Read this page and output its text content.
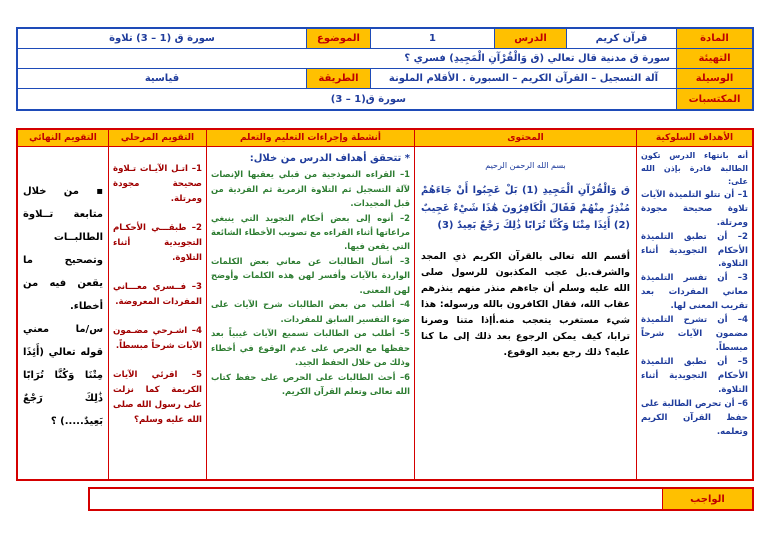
المادة
قرآن كريم
الدرس
1
الموضوع
سورة ق (1 – 3) تلاوة
التهيئة
سورة ق مدنية قال تعالي (ق وَالْقُرْآنِ الْمَجِيدِ) فسري ؟
الوسيلة
آلة التسجيل – القرآن الكريم – السبورة . الأقلام الملونة
الطريقة
قياسية
المكتسبات
سورة ق(1 – 3)
الأهداف السلوكية

أنه بانتهاء الدرس تكون الطالبة قادرة بإذن الله على:

1– أن تتلو التلميذة الآيات تلاوة صحيحة مجودة ومرتلة.

2– أن تطبق التلميذة الأحكام التجويدية أثناء التلاوة.

3– أن تفسر التلميذة معاني المفردات بعد تقريب المعنى لها.

4– أن تشرح التلميذة مضمون الآيات شرحاً مبسطاً.

5– أن تطبق التلميذة الأحكام التجويدية أثناء التلاوة.

6– أن تحرص الطالبة على حفظ القرآن الكريم وتعلمه.

المحتوى

بسم الله الرحمن الرحيم

ق وَالْقُرْآنِ الْمَجِيدِ (1) بَلْ عَجِبُوا أَنْ جَاءَهُمْ مُنْذِرٌ مِنْهُمْ فَقَالَ الْكَافِرُونَ هَٰذَا شَيْءٌ عَجِيبٌ (2) أَئِذَا مِتْنَا وَكُنَّا تُرَابًا ذَٰلِكَ رَجْعٌ بَعِيدٌ (3)

أقسم الله تعالى بالقرآن الكريم ذي المجد والشرف.بل عجب المكذبون للرسول صلى الله عليه وسلم أن جاءهم منذر منهم ينذرهم عقاب الله، فقال الكافرون بالله ورسوله: هذا شيء مستغرب يتعجب منه.أإذا متنا وصرنا ترابا، كيف يمكن الرجوع بعد ذلك إلى ما كنا عليه؟ ذلك رجع بعيد الوقوع.

أنشطة وإجراءات التعليم والتعلم

* تتحقق أهداف الدرس من خلال:

1– القراءه النموذجية من قبلي يعقبها الإنصات لآلة التسجيل ثم التلاوة الزمرية ثم الفردية من قبل المجيدات.

2– أنوه إلى بعض أحكام التجويد التي ينبغي مراعاتها أثناء القراءه مع تصويب الأخطاء الشائعة التي يقعن فيها.

3– أسأل الطالبات عن معاني بعض الكلمات الواردة بالآيات وأفسر لهن هذه الكلمات وأوضح لهن المعنى.

4– أطلب من بعض الطالبات شرح الآيات على ضوء التفسير السابق للمفردات.

5– أطلب من الطالبات تسميع الآيات غيبياً بعد حفظها مع الحرص على عدم الوقوع في أخطاء وذلك من خلال الحفظ الجيد.

6– أحث الطالبات على الحرص على حفظ كتاب الله تعالى وتعلم القرآن الكريم.

التقويم المرحلي

1– اتـل الآيـات تـلاوة صحيحة مجودة ومرتلة.

2– طبقـــي الأحكـام التجويدية أثناء التلاوة.

3– فــسري معـــاني المفردات المعروضة.

4– اشـرحي مضـمون الآيات شرحاً مبسطاً.

5– اقرئي الآيات الكريمة كما نزلت على رسول الله صلى الله عليه وسلم؟

التقويم النهائي

▪ من خلال متابعة تــلاوة الطالبــات وتصحيح ما يقعن فيه من أخطاء.

س/ما معني قوله تعالي (أَئِذَا مِتْنَا وَكُنَّا تُرَابًا ذَٰلِكَ رَجْعٌ بَعِيدٌ.....) ؟

الواجب
